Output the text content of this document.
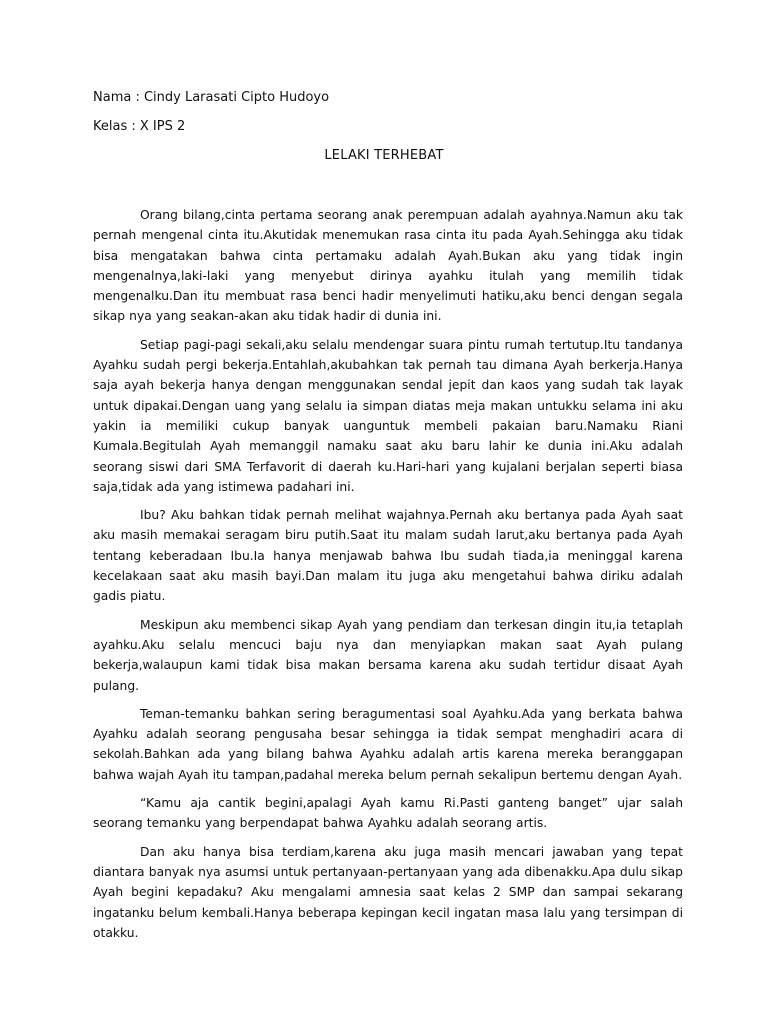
Nama : Cindy Larasati Cipto Hudoyo
Kelas : X IPS 2
LELAKI TERHEBAT

Orang bilang,cinta pertama seorang anak perempuan adalah ayahnya.Namun aku tak pernah mengenal cinta itu.Akutidak menemukan rasa cinta itu pada Ayah.Sehingga aku tidak bisa mengatakan bahwa cinta pertamaku adalah Ayah.Bukan aku yang tidak ingin mengenalnya,laki-laki yang menyebut dirinya ayahku itulah yang memilih tidak mengenalku.Dan itu membuat rasa benci hadir menyelimuti hatiku,aku benci dengan segala sikap nya yang seakan-akan aku tidak hadir di dunia ini.

Setiap pagi-pagi sekali,aku selalu mendengar suara pintu rumah tertutup.Itu tandanya Ayahku sudah pergi bekerja.Entahlah,akubahkan tak pernah tau dimana Ayah berkerja.Hanya saja ayah bekerja hanya dengan menggunakan sendal jepit dan kaos yang sudah tak layak untuk dipakai.Dengan uang yang selalu ia simpan diatas meja makan untukku selama ini aku yakin ia memiliki cukup banyak uanguntuk membeli pakaian baru.Namaku Riani Kumala.Begitulah Ayah memanggil namaku saat aku baru lahir ke dunia ini.Aku adalah seorang siswi dari SMA Terfavorit di daerah ku.Hari-hari yang kujalani berjalan seperti biasa saja,tidak ada yang istimewa padahari ini.

Ibu? Aku bahkan tidak pernah melihat wajahnya.Pernah aku bertanya pada Ayah saat aku masih memakai seragam biru putih.Saat itu malam sudah larut,aku bertanya pada Ayah tentang keberadaan Ibu.Ia hanya menjawab bahwa Ibu sudah tiada,ia meninggal karena kecelakaan saat aku masih bayi.Dan malam itu juga aku mengetahui bahwa diriku adalah gadis piatu.

Meskipun aku membenci sikap Ayah yang pendiam dan terkesan dingin itu,ia tetaplah ayahku.Aku selalu mencuci baju nya dan menyiapkan makan saat Ayah pulang bekerja,walaupun kami tidak bisa makan bersama karena aku sudah tertidur disaat Ayah pulang.

Teman-temanku bahkan sering beragumentasi soal Ayahku.Ada yang berkata bahwa Ayahku adalah seorang pengusaha besar sehingga ia tidak sempat menghadiri acara di sekolah.Bahkan ada yang bilang bahwa Ayahku adalah artis karena mereka beranggapan bahwa wajah Ayah itu tampan,padahal mereka belum pernah sekalipun bertemu dengan Ayah.

“Kamu aja cantik begini,apalagi Ayah kamu Ri.Pasti ganteng banget” ujar salah seorang temanku yang berpendapat bahwa Ayahku adalah seorang artis.

Dan aku hanya bisa terdiam,karena aku juga masih mencari jawaban yang tepat diantara banyak nya asumsi untuk pertanyaan-pertanyaan yang ada dibenakku.Apa dulu sikap Ayah begini kepadaku? Aku mengalami amnesia saat kelas 2 SMP dan sampai sekarang ingatanku belum kembali.Hanya beberapa kepingan kecil ingatan masa lalu yang tersimpan di otakku.
